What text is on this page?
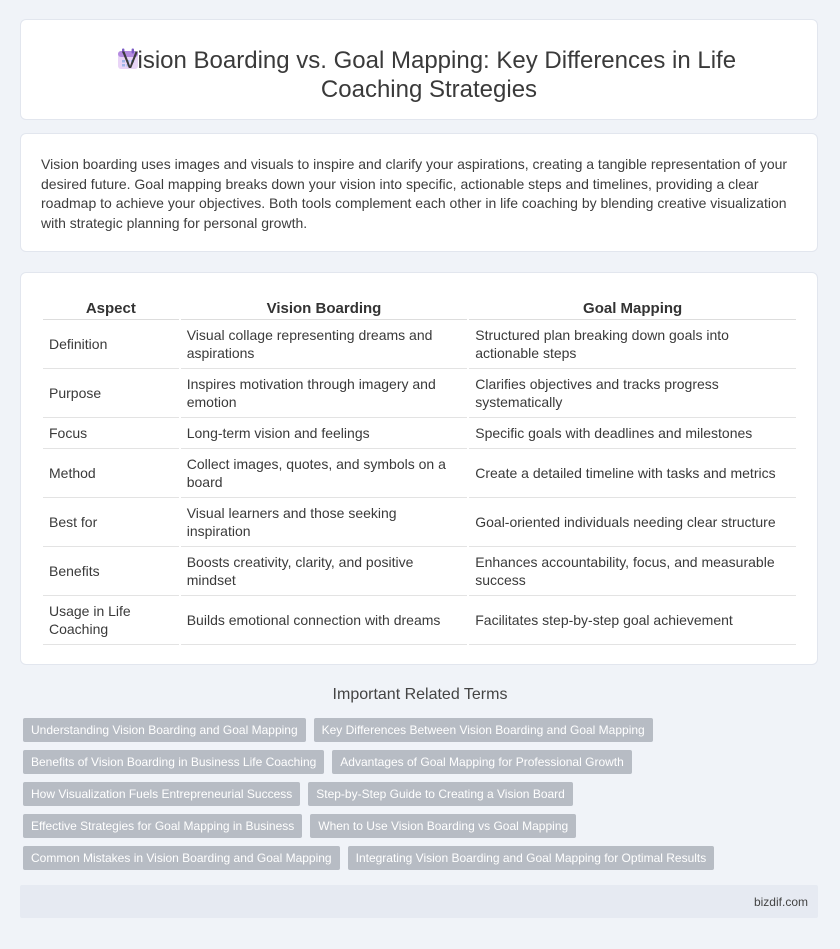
Vision Boarding vs. Goal Mapping: Key Differences in Life Coaching Strategies

Vision boarding uses images and visuals to inspire and clarify your aspirations, creating a tangible representation of your desired future. Goal mapping breaks down your vision into specific, actionable steps and timelines, providing a clear roadmap to achieve your objectives. Both tools complement each other in life coaching by blending creative visualization with strategic planning for personal growth.

Aspect	Vision Boarding	Goal Mapping
Definition	Visual collage representing dreams and aspirations	Structured plan breaking down goals into actionable steps
Purpose	Inspires motivation through imagery and emotion	Clarifies objectives and tracks progress systematically
Focus	Long-term vision and feelings	Specific goals with deadlines and milestones
Method	Collect images, quotes, and symbols on a board	Create a detailed timeline with tasks and metrics
Best for	Visual learners and those seeking inspiration	Goal-oriented individuals needing clear structure
Benefits	Boosts creativity, clarity, and positive mindset	Enhances accountability, focus, and measurable success
Usage in Life Coaching	Builds emotional connection with dreams	Facilitates step-by-step goal achievement
Important Related Terms
Understanding Vision Boarding and Goal Mapping	Key Differences Between Vision Boarding and Goal Mapping
Benefits of Vision Boarding in Business Life Coaching	Advantages of Goal Mapping for Professional Growth
How Visualization Fuels Entrepreneurial Success	Step-by-Step Guide to Creating a Vision Board
Effective Strategies for Goal Mapping in Business	When to Use Vision Boarding vs Goal Mapping
Common Mistakes in Vision Boarding and Goal Mapping	Integrating Vision Boarding and Goal Mapping for Optimal Results
bizdif.com
